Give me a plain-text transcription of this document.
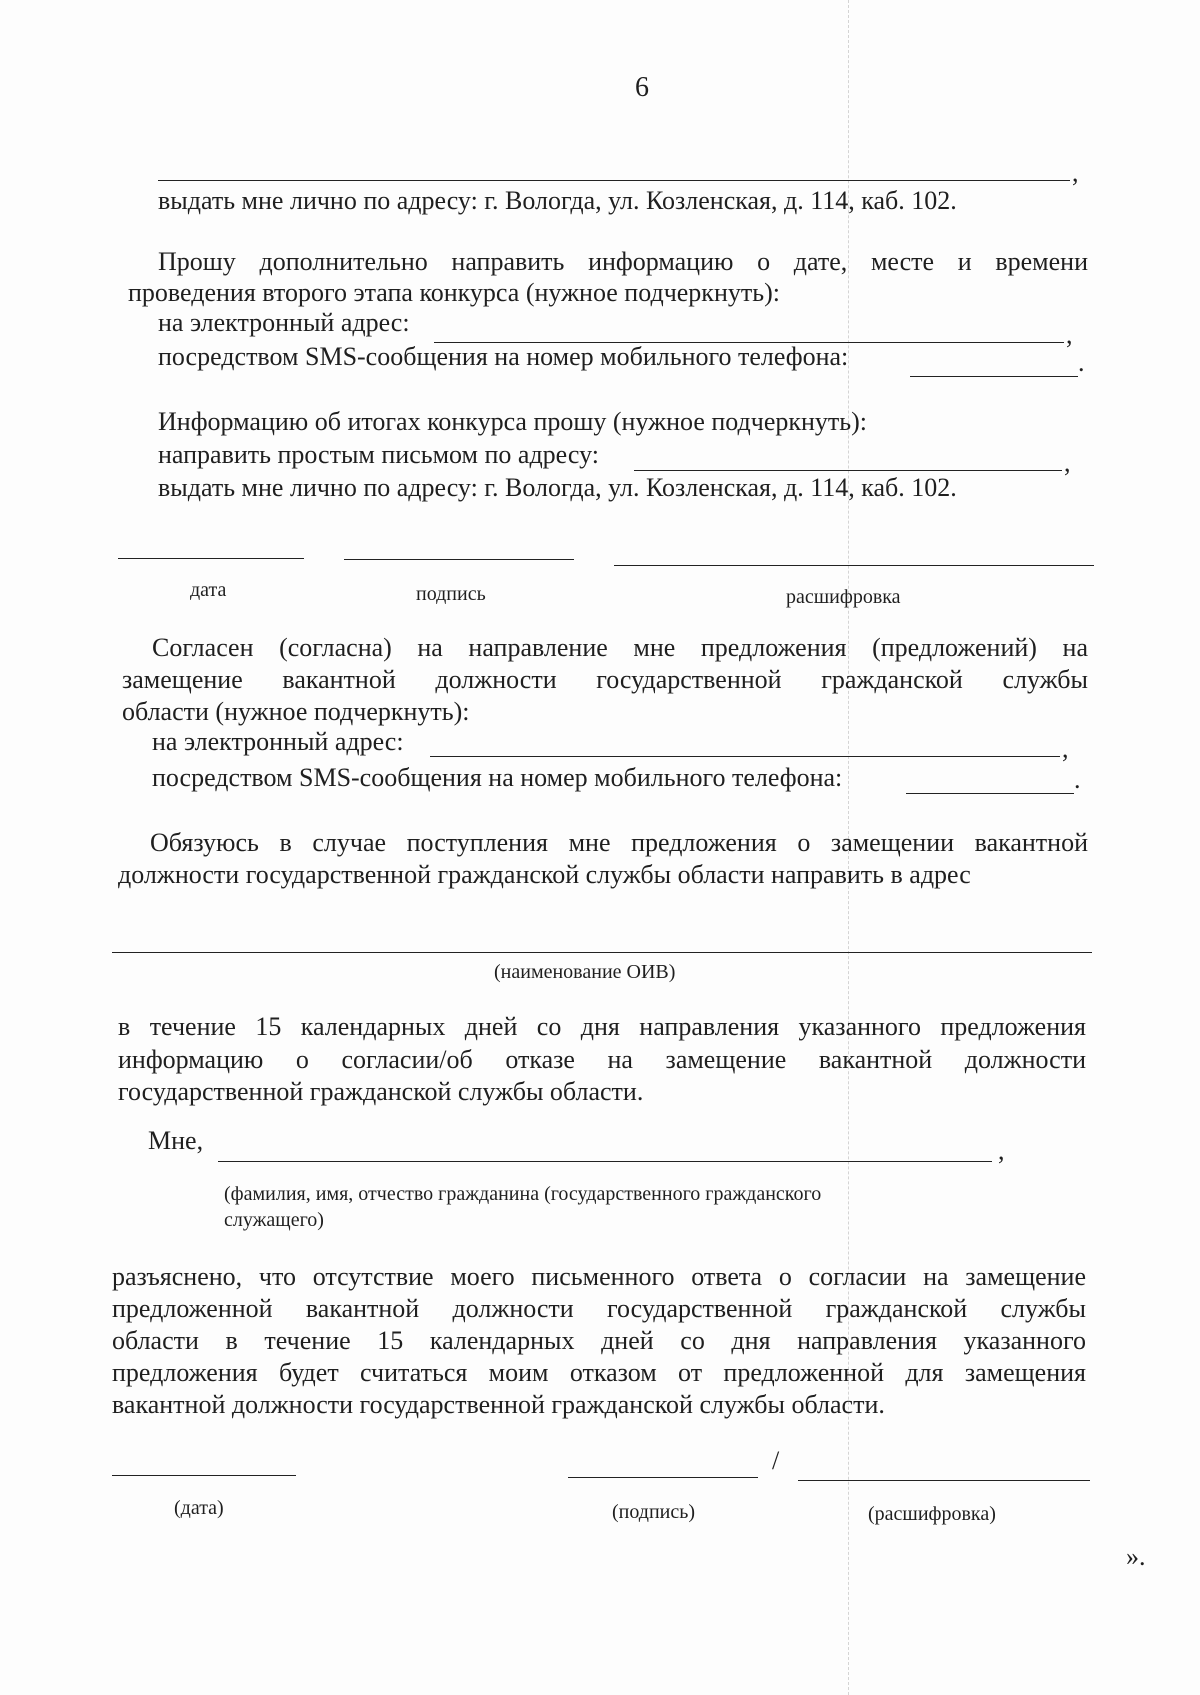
6
,
выдать мне лично по адресу: г. Вологда, ул. Козленская, д. 114, каб. 102.
Прошу дополнительно направить информацию о дате, месте и времени
проведения второго этапа конкурса (нужное подчеркнуть):
на электронный адрес:	,
посредством SMS-сообщения на номер мобильного телефона:	.
Информацию об итогах конкурса прошу (нужное подчеркнуть):
направить простым письмом по адресу:	,
выдать мне лично по адресу: г. Вологда, ул. Козленская, д. 114, каб. 102.
дата	подпись	расшифровка
Согласен (согласна) на направление мне предложения (предложений) на
замещение вакантной должности государственной гражданской службы
области (нужное подчеркнуть):
на электронный адрес:	,
посредством SMS-сообщения на номер мобильного телефона:	.
Обязуюсь в случае поступления мне предложения о замещении вакантной
должности государственной гражданской службы области направить в адрес
(наименование ОИВ)
в течение 15 календарных дней со дня направления указанного предложения
информацию о согласии/об отказе на замещение вакантной должности
государственной гражданской службы области.
Мне,	,
(фамилия, имя, отчество гражданина (государственного гражданского
служащего)
разъяснено, что отсутствие моего письменного ответа о согласии на замещение
предложенной вакантной должности государственной гражданской службы
области в течение 15 календарных дней со дня направления указанного
предложения будет считаться моим отказом от предложенной для замещения
вакантной должности государственной гражданской службы области.
/
(дата)	(подпись)	(расшифровка)
».
